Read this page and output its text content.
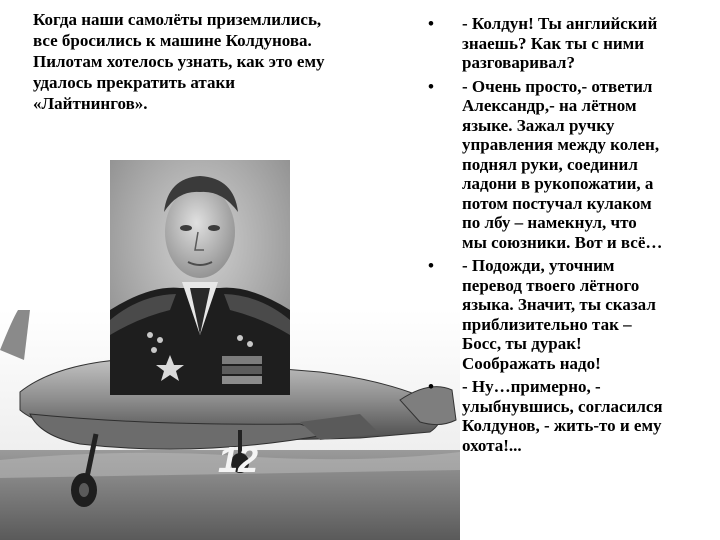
Когда наши самолёты приземлились,
все бросились к машине Колдунова.
Пилотам хотелось узнать, как это ему
удалось прекратить атаки
«Лайтнингов».
12
• - Колдун! Ты английский
знаешь? Как ты с ними
разговаривал?
• - Очень просто,- ответил
Александр,- на лётном
языке. Зажал ручку
управления между колен,
поднял руки, соединил
ладони в рукопожатии, а
потом постучал кулаком
по лбу – намекнул, что
мы союзники. Вот и всё…
• - Подожди, уточним
перевод твоего лётного
языка. Значит, ты сказал
приблизительно так –
Босс, ты дурак!
Соображать надо!
• - Ну…примерно, -
улыбнувшись, согласился
Колдунов, - жить-то и ему
охота!...
